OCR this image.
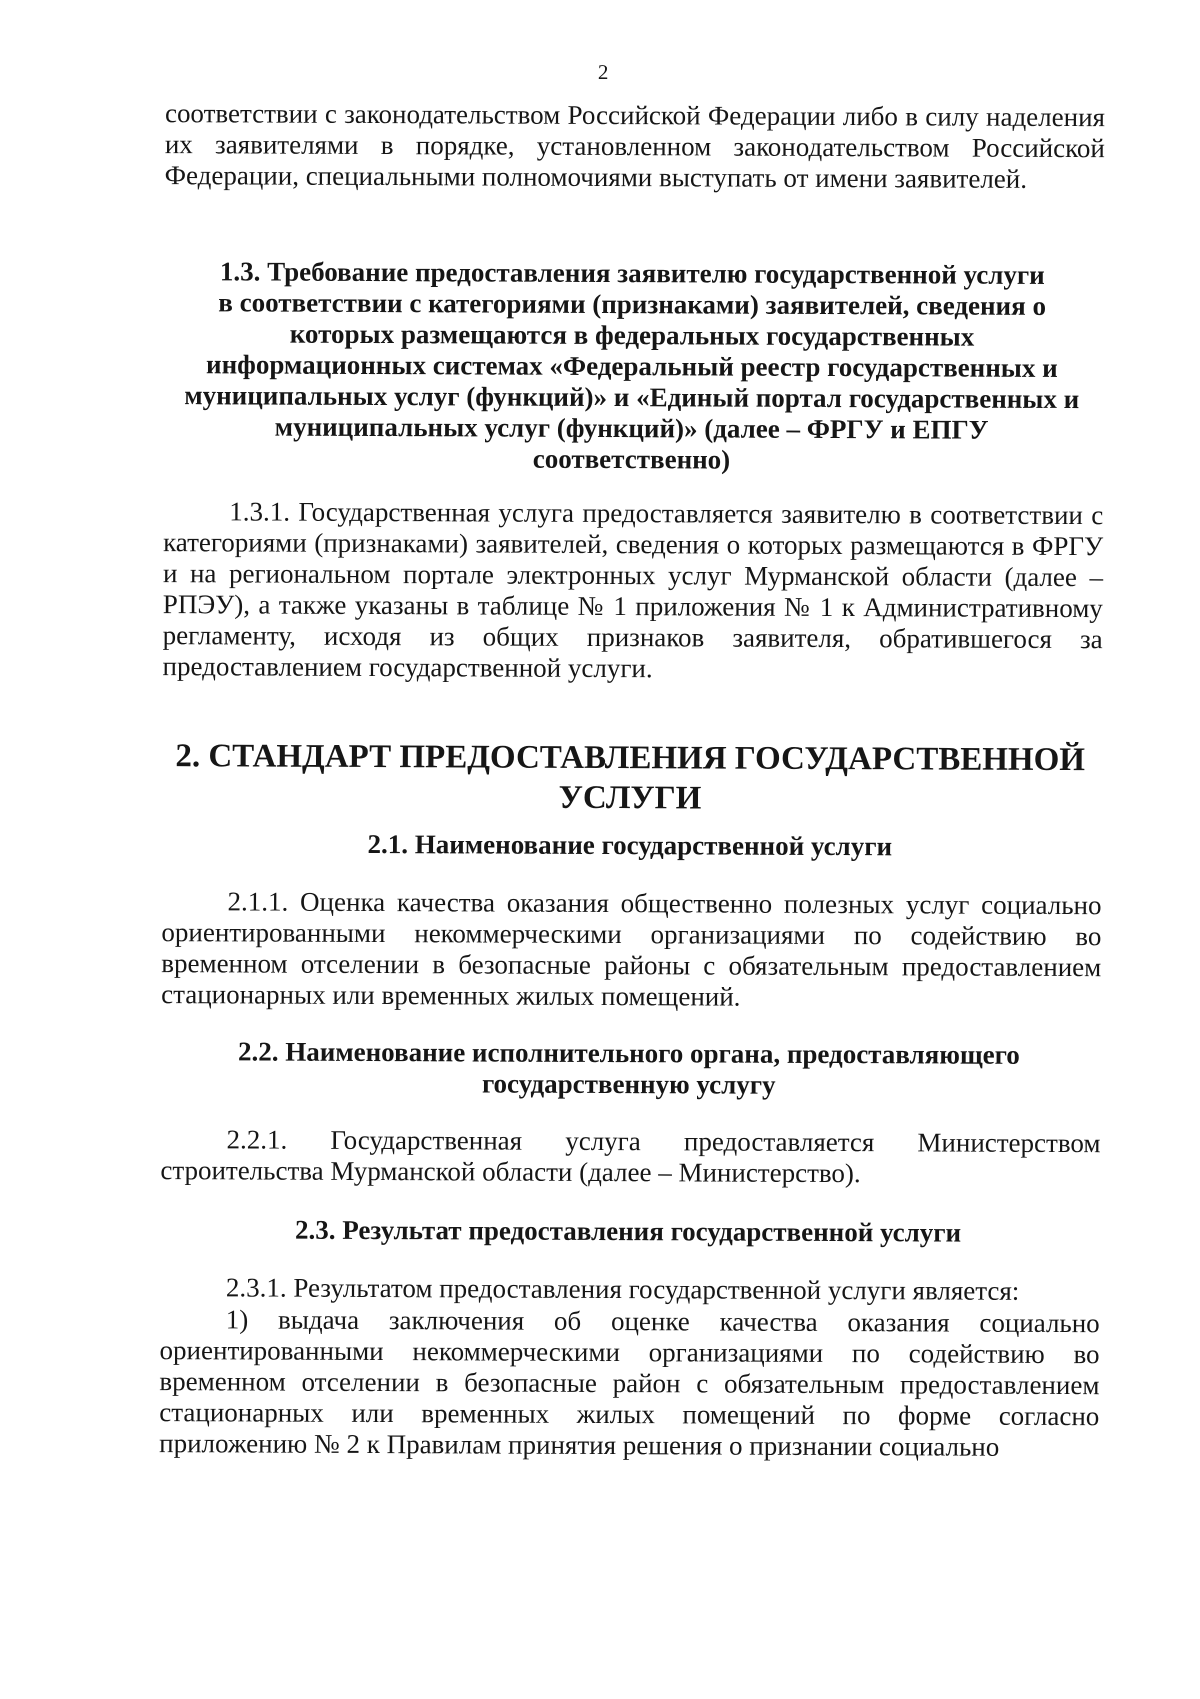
2

соответствии с законодательством Российской Федерации либо в силу наделения их заявителями в порядке, установленном законодательством Российской Федерации, специальными полномочиями выступать от имени заявителей.

1.3. Требование предоставления заявителю государственной услуги
в соответствии с категориями (признаками) заявителей, сведения о
которых размещаются в федеральных государственных
информационных системах «Федеральный реестр государственных и
муниципальных услуг (функций)» и «Единый портал государственных и
муниципальных услуг (функций)» (далее – ФРГУ и ЕПГУ
соответственно)

1.3.1. Государственная услуга предоставляется заявителю в соответствии с категориями (признаками) заявителей, сведения о которых размещаются в ФРГУ и на региональном портале электронных услуг Мурманской области (далее – РПЭУ), а также указаны в таблице № 1 приложения № 1 к Административному регламенту, исходя из общих признаков заявителя, обратившегося за предоставлением государственной услуги.

2. СТАНДАРТ ПРЕДОСТАВЛЕНИЯ ГОСУДАРСТВЕННОЙ
УСЛУГИ
2.1. Наименование государственной услуги

2.1.1. Оценка качества оказания общественно полезных услуг социально ориентированными некоммерческими организациями по содействию во временном отселении в безопасные районы с обязательным предоставлением стационарных или временных жилых помещений.

2.2. Наименование исполнительного органа, предоставляющего
государственную услугу

2.2.1. Государственная услуга предоставляется Министерством строительства Мурманской области (далее – Министерство).

2.3. Результат предоставления государственной услуги

2.3.1. Результатом предоставления государственной услуги является:

1) выдача заключения об оценке качества оказания социально ориентированными некоммерческими организациями по содействию во временном отселении в безопасные район с обязательным предоставлением стационарных или временных жилых помещений по форме согласно приложению № 2 к Правилам принятия решения о признании социально
